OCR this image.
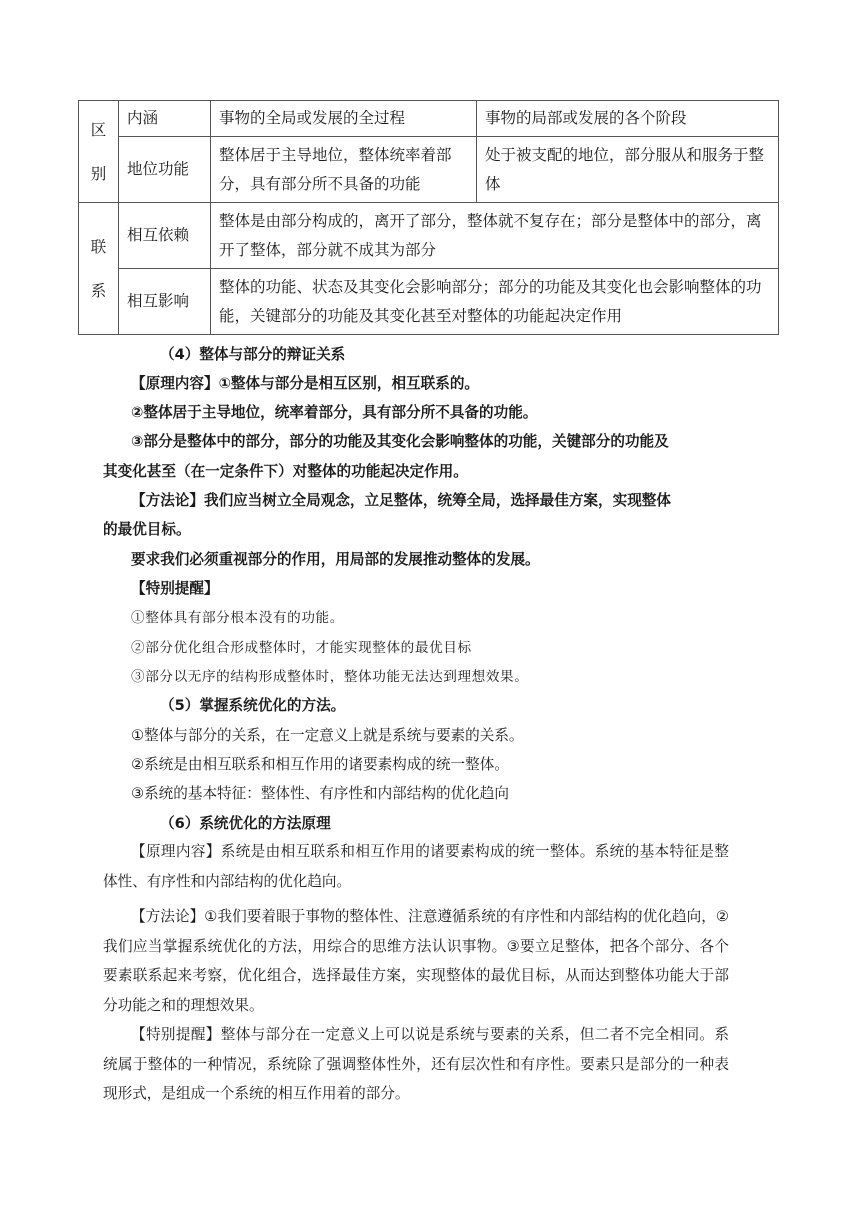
区别	内涵	事物的全局或发展的全过程	事物的局部或发展的各个阶段
	地位功能	整体居于主导地位，整体统率着部分，具有部分所不具备的功能	处于被支配的地位，部分服从和服务于整体

联系	相互依赖	整体是由部分构成的，离开了部分，整体就不复存在；部分是整体中的部分，离开了整体，部分就不成其为部分	
	相互影响	整体的功能、状态及其变化会影响部分；部分的功能及其变化也会影响整体的功能，关键部分的功能及其变化甚至对整体的功能起决定作用	
（4）整体与部分的辩证关系
【原理内容】①整体与部分是相互区别，相互联系的。
②整体居于主导地位，统率着部分，具有部分所不具备的功能。
③部分是整体中的部分，部分的功能及其变化会影响整体的功能，关键部分的功能及
其变化甚至（在一定条件下）对整体的功能起决定作用。
【方法论】我们应当树立全局观念，立足整体，统筹全局，选择最佳方案，实现整体
的最优目标。
要求我们必须重视部分的作用，用局部的发展推动整体的发展。
【特别提醒】
①整体具有部分根本没有的功能。
②部分优化组合形成整体时，才能实现整体的最优目标
③部分以无序的结构形成整体时，整体功能无法达到理想效果。
（5）掌握系统优化的方法。
①整体与部分的关系，在一定意义上就是系统与要素的关系。
②系统是由相互联系和相互作用的诸要素构成的统一整体。
③系统的基本特征：整体性、有序性和内部结构的优化趋向
（6）系统优化的方法原理
【原理内容】系统是由相互联系和相互作用的诸要素构成的统一整体。系统的基本特征是整体性、有序性和内部结构的优化趋向。
【方法论】①我们要着眼于事物的整体性、注意遵循系统的有序性和内部结构的优化趋向，②我们应当掌握系统优化的方法，用综合的思维方法认识事物。③要立足整体，把各个部分、各个要素联系起来考察，优化组合，选择最佳方案，实现整体的最优目标，从而达到整体功能大于部分功能之和的理想效果。
【特别提醒】整体与部分在一定意义上可以说是系统与要素的关系，但二者不完全相同。系统属于整体的一种情况，系统除了强调整体性外，还有层次性和有序性。要素只是部分的一种表现形式，是组成一个系统的相互作用着的部分。
